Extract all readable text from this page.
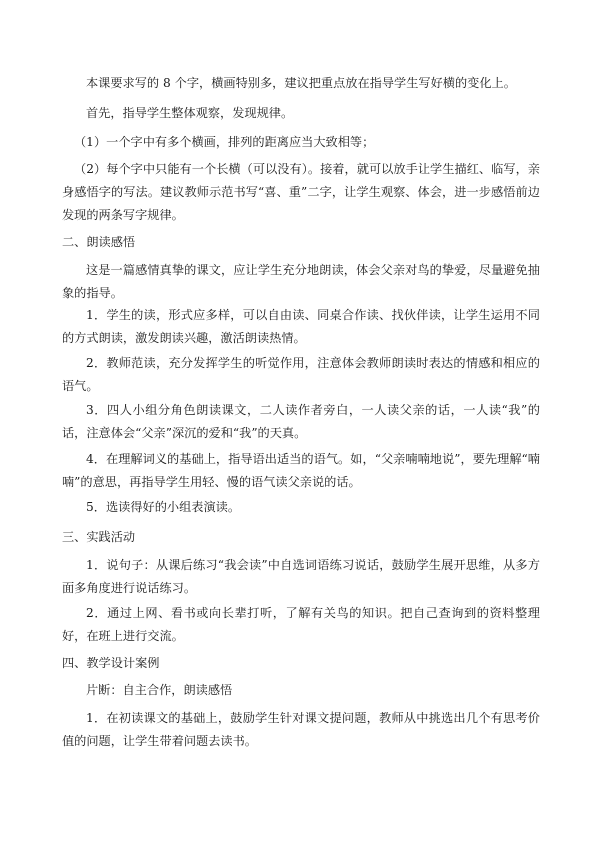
本课要求写的 8 个字，横画特别多，建议把重点放在指导学生写好横的变化上。

首先，指导学生整体观察，发现规律。

（1）一个字中有多个横画，排列的距离应当大致相等；

（2）每个字中只能有一个长横（可以没有）。接着，就可以放手让学生描红、临写，亲身感悟字的写法。建议教师示范书写“喜、重”二字，让学生观察、体会，进一步感悟前边发现的两条写字规律。

二、朗读感悟

这是一篇感情真挚的课文，应让学生充分地朗读，体会父亲对鸟的挚爱，尽量避免抽象的指导。

1．学生的读，形式应多样，可以自由读、同桌合作读、找伙伴读，让学生运用不同的方式朗读，激发朗读兴趣，激活朗读热情。

2．教师范读，充分发挥学生的听觉作用，注意体会教师朗读时表达的情感和相应的语气。

3．四人小组分角色朗读课文，二人读作者旁白，一人读父亲的话，一人读“我”的话，注意体会“父亲”深沉的爱和“我”的天真。

4．在理解词义的基础上，指导语出适当的语气。如，“父亲喃喃地说”，要先理解“喃喃”的意思，再指导学生用轻、慢的语气读父亲说的话。

5．选读得好的小组表演读。

三、实践活动

1．说句子：从课后练习“我会读”中自选词语练习说话，鼓励学生展开思维，从多方面多角度进行说话练习。

2．通过上网、看书或向长辈打听，了解有关鸟的知识。把自己查询到的资料整理好，在班上进行交流。

四、教学设计案例

片断：自主合作，朗读感悟

1．在初读课文的基础上，鼓励学生针对课文提问题，教师从中挑选出几个有思考价值的问题，让学生带着问题去读书。
